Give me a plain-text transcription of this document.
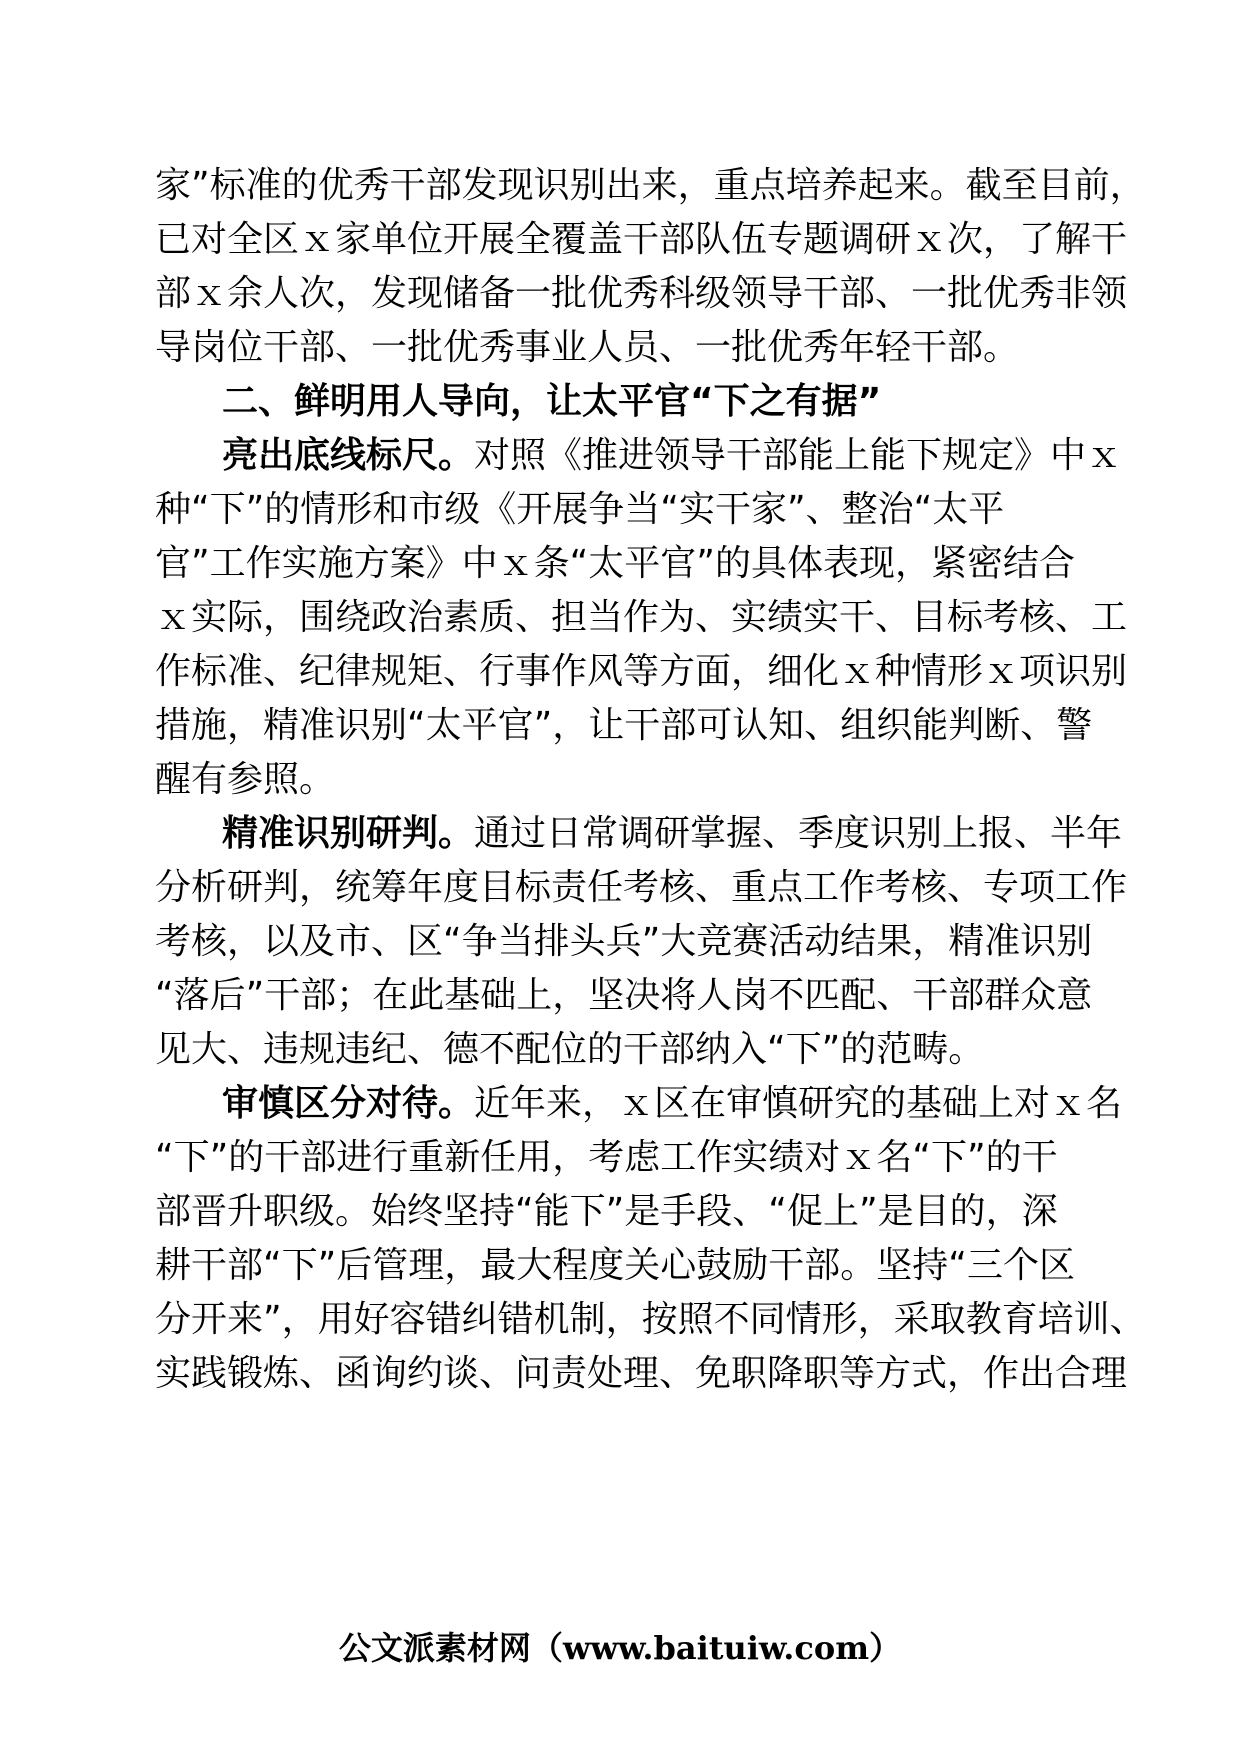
家”标准的优秀干部发现识别出来，重点培养起来。截至目前，
已对全区ｘ家单位开展全覆盖干部队伍专题调研ｘ次，了解干
部ｘ余人次，发现储备一批优秀科级领导干部、一批优秀非领
导岗位干部、一批优秀事业人员、一批优秀年轻干部。
二、鲜明用人导向，让太平官“下之有据”
亮出底线标尺。对照《推进领导干部能上能下规定》中ｘ
种“下”的情形和市级《开展争当“实干家”、整治“太平
官”工作实施方案》中ｘ条“太平官”的具体表现，紧密结合
ｘ实际，围绕政治素质、担当作为、实绩实干、目标考核、工
作标准、纪律规矩、行事作风等方面，细化ｘ种情形ｘ项识别
措施，精准识别“太平官”，让干部可认知、组织能判断、警
醒有参照。
精准识别研判。通过日常调研掌握、季度识别上报、半年
分析研判，统筹年度目标责任考核、重点工作考核、专项工作
考核，以及市、区“争当排头兵”大竞赛活动结果，精准识别
“落后”干部；在此基础上，坚决将人岗不匹配、干部群众意
见大、违规违纪、德不配位的干部纳入“下”的范畴。
审慎区分对待。近年来，ｘ区在审慎研究的基础上对ｘ名
“下”的干部进行重新任用，考虑工作实绩对ｘ名“下”的干
部晋升职级。始终坚持“能下”是手段、“促上”是目的，深
耕干部“下”后管理，最大程度关心鼓励干部。坚持“三个区
分开来”，用好容错纠错机制，按照不同情形，采取教育培训、
实践锻炼、函询约谈、问责处理、免职降职等方式，作出合理
公文派素材网（www.baituiw.com）
